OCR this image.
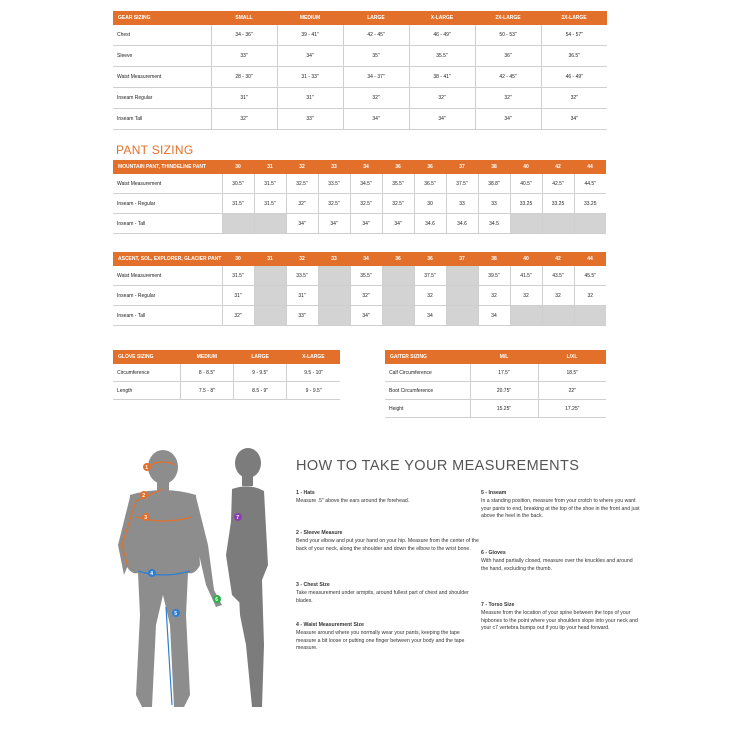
GEAR SIZING	SMALL	MEDIUM	LARGE	X-LARGE	2X-LARGE	3X-LARGE
Chest	34 - 36"	39 - 41"	42 - 45"	46 - 49"	50 - 53"	54 - 57"
Sleeve	33"	34"	35"	35.5"	36"	36.5"
Waist Measurement	28 - 30"	31 - 33"	34 - 37"	38 - 41"	42 - 45"	46 - 49"
Inseam Regular	31"	31"	32"	32"	32"	32"
Inseam Tall	32"	33"	34"	34"	34"	34"
PANT SIZING
MOUNTAIN PANT, THINDELINE PANT	30	31	32	33	34	36	36	37	38	40	42	44
Waist Measurement	30.5"	31.5"	32.5"	33.5"	34.5"	35.5"	36.5"	37.5"	38.8"	40.5"	42.5"	44.5"
Inseam - Regular	31.5"	31.5"	32"	32.5"	32.5"	32.5"	30	33	33	33.25	33.25	33.25
Inseam - Tall			34"	34"	34"	34"	34.6	34.6	34.5			
ASCENT, SOL, EXPLORER, GLACIER PANT	30	31	32	33	34	36	36	37	38	40	42	44
Waist Measurement	31.5"		33.5"		35.5"		37.5"		39.5"	41.5"	43.5"	45.5"
Inseam - Regular	31"		31"		32"		32		32	32	32	32
Inseam - Tall	32"		33"		34"		34		34			
GLOVE SIZING	MEDIUM	LARGE	X-LARGE
Circumference	8 - 8.5"	9 - 9.5"	9.5 - 10"
Length	7.5 - 8"	8.5 - 9"	9 - 9.5"
GAITER SIZING	M/L	L/XL
Calf Circumference	17.5"	18.5"
Boot Circumference	20.75"	22"
Height	15.25"	17.25"
HOW TO TAKE YOUR MEASUREMENTS
1 - Hats
Measure .5" above the ears around the forehead.
2 - Sleeve Measure
Bend your elbow and put your hand on your hip. Measure from the center of the back of your neck, along the shoulder and down the elbow to the wrist bone.
3 - Chest Size
Take measurement under armpits, around fullest part of chest and shoulder blades.
4 - Waist Measurement Size
Measure around where you normally wear your pants, keeping the tape measure a bit loose or putting one finger between your body and the tape measure.
5 - Inseam
In a standing position, measure from your crotch to where you want your pants to end, breaking at the top of the shoe in the front and just above the heel in the back.
6 - Gloves
With hand partially closed, measure over the knuckles and around the hand, excluding the thumb.
7 - Torso Size
Measure from the location of your spine between the tops of your hipbones to the point where your shoulders slope into your neck and your c7 vertebra bumps out if you tip your head forward.
1
2
3
4
5
6
7
